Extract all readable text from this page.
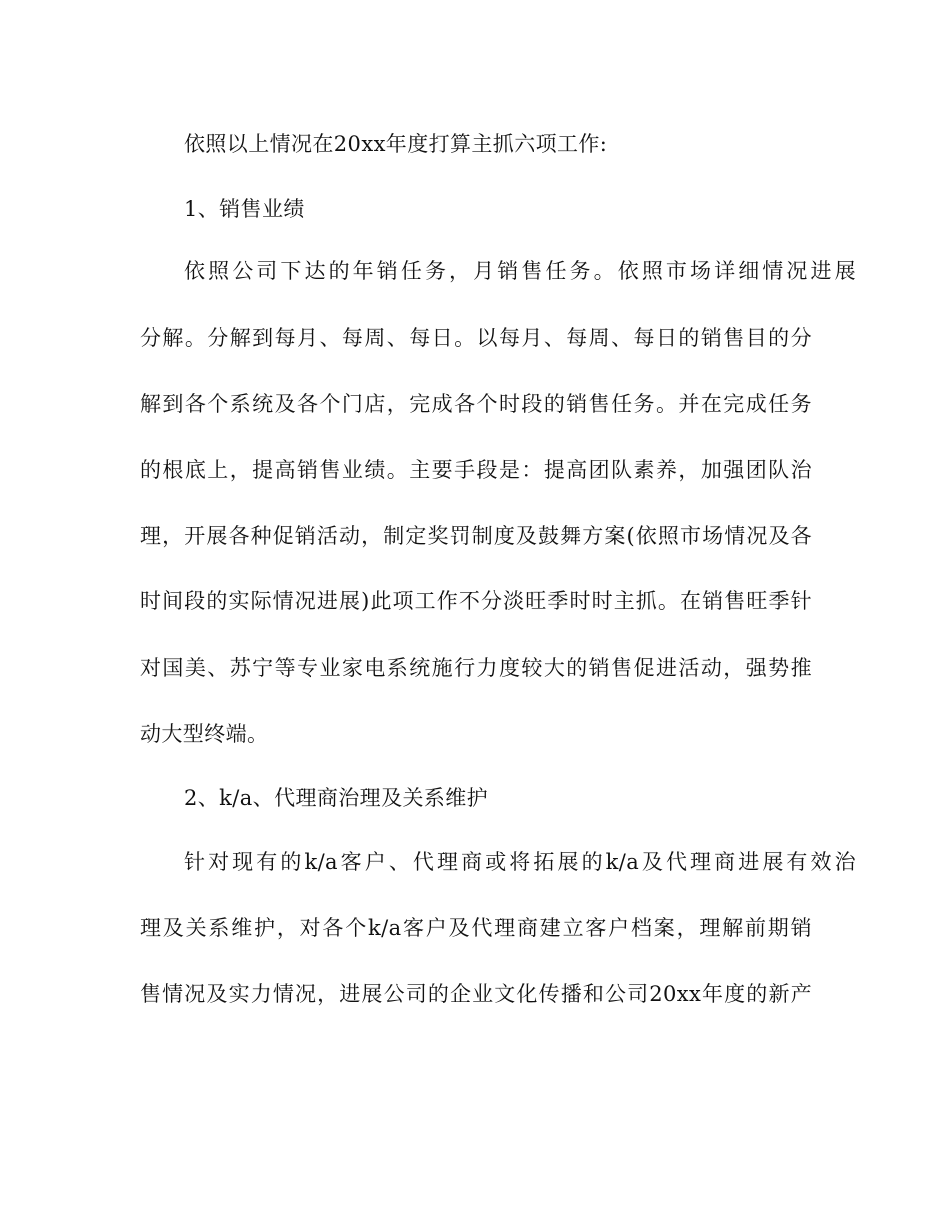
依照以上情况在20xx年度打算主抓六项工作:
1、销售业绩
依照公司下达的年销任务，月销售任务。依照市场详细情况进展
分解。分解到每月、每周、每日。以每月、每周、每日的销售目的分
解到各个系统及各个门店，完成各个时段的销售任务。并在完成任务
的根底上，提高销售业绩。主要手段是：提高团队素养，加强团队治
理，开展各种促销活动，制定奖罚制度及鼓舞方案(依照市场情况及各
时间段的实际情况进展)此项工作不分淡旺季时时主抓。在销售旺季针
对国美、苏宁等专业家电系统施行力度较大的销售促进活动，强势推
动大型终端。
2、k/a、代理商治理及关系维护
针对现有的k/a客户、代理商或将拓展的k/a及代理商进展有效治
理及关系维护，对各个k/a客户及代理商建立客户档案，理解前期销
售情况及实力情况，进展公司的企业文化传播和公司20xx年度的新产
